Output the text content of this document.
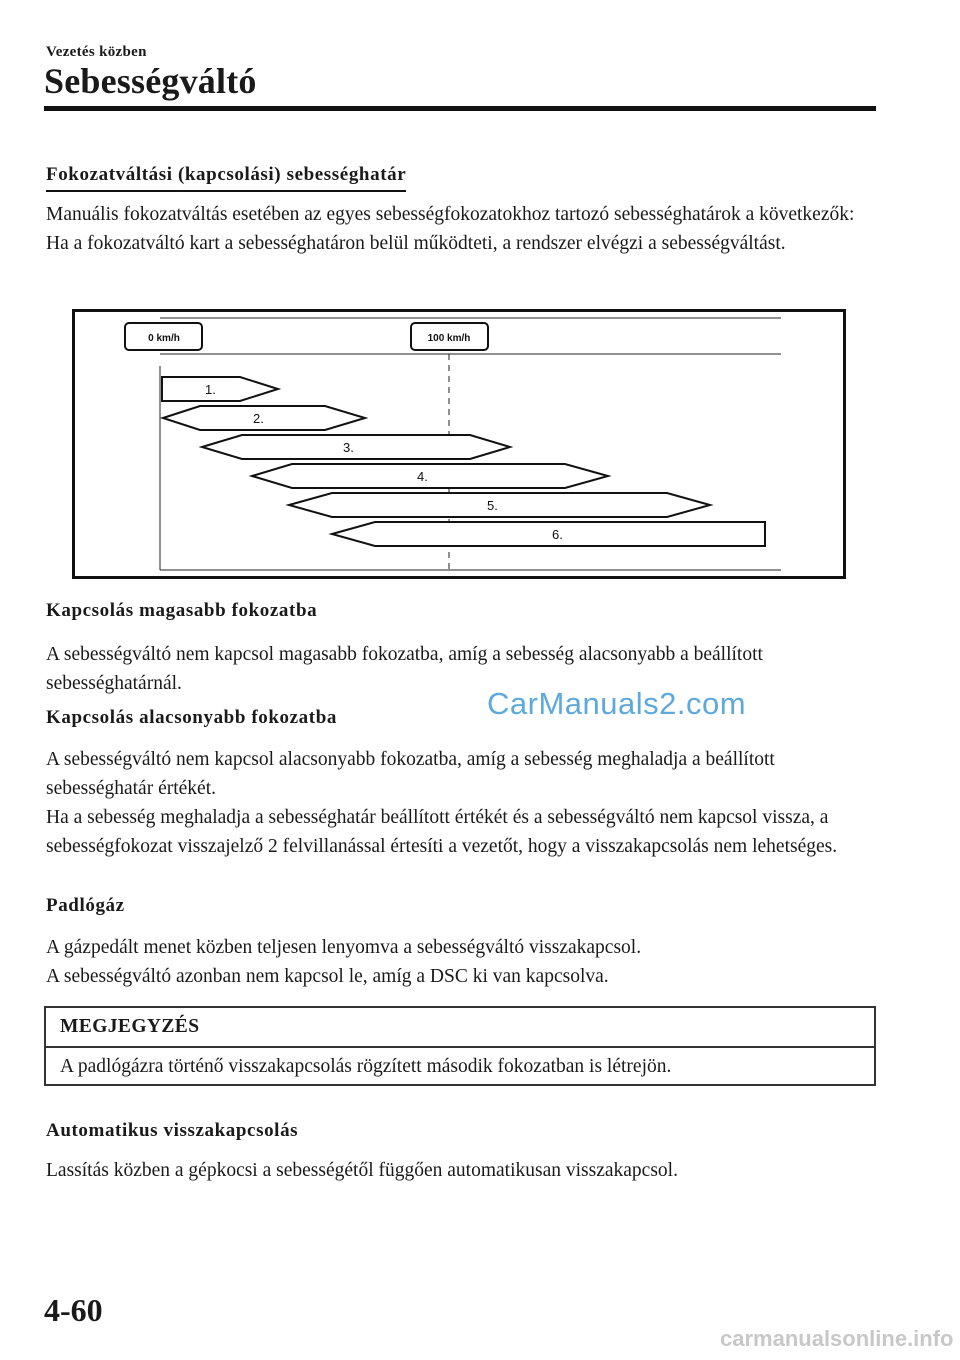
Vezetés közben
Sebességváltó
Fokozatváltási (kapcsolási) sebességhatár
Manuális fokozatváltás esetében az egyes sebességfokozatokhoz tartozó sebességhatárok a következők: Ha a fokozatváltó kart a sebességhatáron belül működteti, a rendszer elvégzi a sebességváltást.
0 km/h	100 km/h
1.
2.
3.
4.
5.
6.
Kapcsolás magasabb fokozatba
A sebességváltó nem kapcsol magasabb fokozatba, amíg a sebesség alacsonyabb a beállított sebességhatárnál.
Kapcsolás alacsonyabb fokozatba
A sebességváltó nem kapcsol alacsonyabb fokozatba, amíg a sebesség meghaladja a beállított sebességhatár értékét.
Ha a sebesség meghaladja a sebességhatár beállított értékét és a sebességváltó nem kapcsol vissza, a sebességfokozat visszajelző 2 felvillanással értesíti a vezetőt, hogy a visszakapcsolás nem lehetséges.
CarManuals2.com
Padlógáz
A gázpedált menet közben teljesen lenyomva a sebességváltó visszakapcsol.
A sebességváltó azonban nem kapcsol le, amíg a DSC ki van kapcsolva.
MEGJEGYZÉS
A padlógázra történő visszakapcsolás rögzített második fokozatban is létrejön.
Automatikus visszakapcsolás
Lassítás közben a gépkocsi a sebességétől függően automatikusan visszakapcsol.
4-60
carmanualsonline.info
